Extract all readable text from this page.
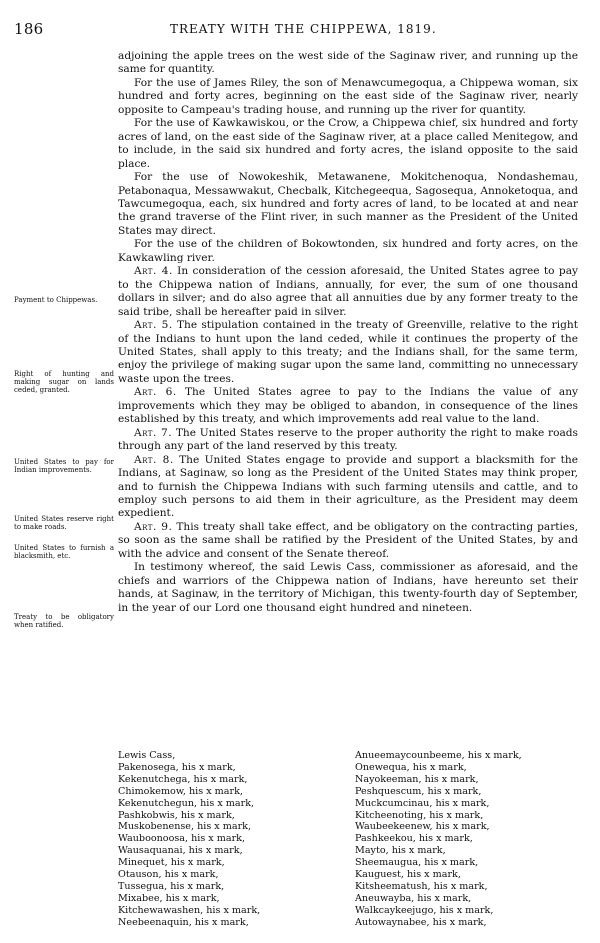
186	TREATY WITH THE CHIPPEWA, 1819.
Payment to Chippewas.
Right of hunting and making sugar on lands ceded, granted.
United States to pay for Indian improvements.
United States reserve right to make roads.
United States to furnish a blacksmith, etc.
Treaty to be obligatory when ratified.

adjoining the apple trees on the west side of the Saginaw river, and running up the same for quantity.

For the use of James Riley, the son of Menawcumegoqua, a Chippewa woman, six hundred and forty acres, beginning on the east side of the Saginaw river, nearly opposite to Campeau's trading house, and running up the river for quantity.

For the use of Kawkawiskou, or the Crow, a Chippewa chief, six hundred and forty acres of land, on the east side of the Saginaw river, at a place called Menitegow, and to include, in the said six hundred and forty acres, the island opposite to the said place.

For the use of Nowokeshik, Metawanene, Mokitchenoqua, Nondashemau, Petabonaqua, Messawwakut, Checbalk, Kitchegeequa, Sagosequa, Annoketoqua, and Tawcumegoqua, each, six hundred and forty acres of land, to be located at and near the grand traverse of the Flint river, in such manner as the President of the United States may direct.

For the use of the children of Bokowtonden, six hundred and forty acres, on the Kawkawling river.

Art. 4. In consideration of the cession aforesaid, the United States agree to pay to the Chippewa nation of Indians, annually, for ever, the sum of one thousand dollars in silver; and do also agree that all annuities due by any former treaty to the said tribe, shall be hereafter paid in silver.

Art. 5. The stipulation contained in the treaty of Greenville, relative to the right of the Indians to hunt upon the land ceded, while it continues the property of the United States, shall apply to this treaty; and the Indians shall, for the same term, enjoy the privilege of making sugar upon the same land, committing no unnecessary waste upon the trees.

Art. 6. The United States agree to pay to the Indians the value of any improvements which they may be obliged to abandon, in consequence of the lines established by this treaty, and which improvements add real value to the land.

Art. 7. The United States reserve to the proper authority the right to make roads through any part of the land reserved by this treaty.

Art. 8. The United States engage to provide and support a blacksmith for the Indians, at Saginaw, so long as the President of the United States may think proper, and to furnish the Chippewa Indians with such farming utensils and cattle, and to employ such persons to aid them in their agriculture, as the President may deem expedient.

Art. 9. This treaty shall take effect, and be obligatory on the contracting parties, so soon as the same shall be ratified by the President of the United States, by and with the advice and consent of the Senate thereof.

In testimony whereof, the said Lewis Cass, commissioner as aforesaid, and the chiefs and warriors of the Chippewa nation of Indians, have hereunto set their hands, at Saginaw, in the territory of Michigan, this twenty-fourth day of September, in the year of our Lord one thousand eight hundred and nineteen.

Lewis Cass,
Pakenosega, his x mark,
Kekenutchega, his x mark,
Chimokemow, his x mark,
Kekenutchegun, his x mark,
Pashkobwis, his x mark,
Muskobenense, his x mark,
Wauboonoosa, his x mark,
Wausaquanai, his x mark,
Minequet, his x mark,
Otauson, his x mark,
Tussegua, his x mark,
Mixabee, his x mark,
Kitchewawashen, his x mark,
Neebeenaquin, his x mark,
Anueemaycounbeeme, his x mark,
Onewequa, his x mark,
Nayokeeman, his x mark,
Peshquescum, his x mark,
Muckcumcinau, his x mark,
Kitcheenoting, his x mark,
Waubeekeenew, his x mark,
Pashkeekou, his x mark,
Mayto, his x mark,
Sheemaugua, his x mark,
Kauguest, his x mark,
Kitsheematush, his x mark,
Aneuwayba, his x mark,
Walkcaykeejugo, his x mark,
Autowaynabee, his x mark,
